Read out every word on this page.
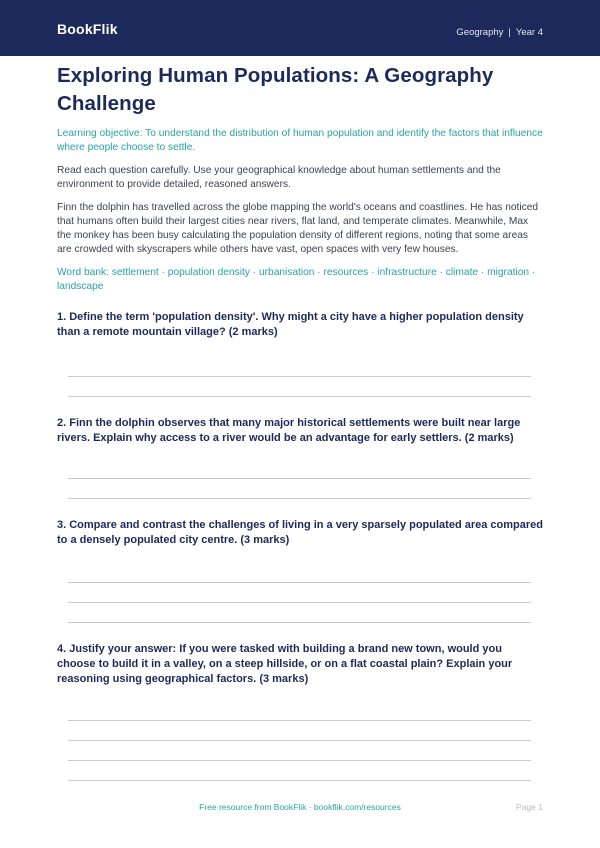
BookFlik	Geography | Year 4
Exploring Human Populations: A Geography Challenge
Learning objective: To understand the distribution of human population and identify the factors that influence where people choose to settle.
Read each question carefully. Use your geographical knowledge about human settlements and the environment to provide detailed, reasoned answers.
Finn the dolphin has travelled across the globe mapping the world's oceans and coastlines. He has noticed that humans often build their largest cities near rivers, flat land, and temperate climates. Meanwhile, Max the monkey has been busy calculating the population density of different regions, noting that some areas are crowded with skyscrapers while others have vast, open spaces with very few houses.
Word bank: settlement · population density · urbanisation · resources · infrastructure · climate · migration · landscape
1. Define the term 'population density'. Why might a city have a higher population density than a remote mountain village? (2 marks)
2. Finn the dolphin observes that many major historical settlements were built near large rivers. Explain why access to a river would be an advantage for early settlers. (2 marks)
3. Compare and contrast the challenges of living in a very sparsely populated area compared to a densely populated city centre. (3 marks)
4. Justify your answer: If you were tasked with building a brand new town, would you choose to build it in a valley, on a steep hillside, or on a flat coastal plain? Explain your reasoning using geographical factors. (3 marks)
Free resource from BookFlik · bookflik.com/resources	Page 1
